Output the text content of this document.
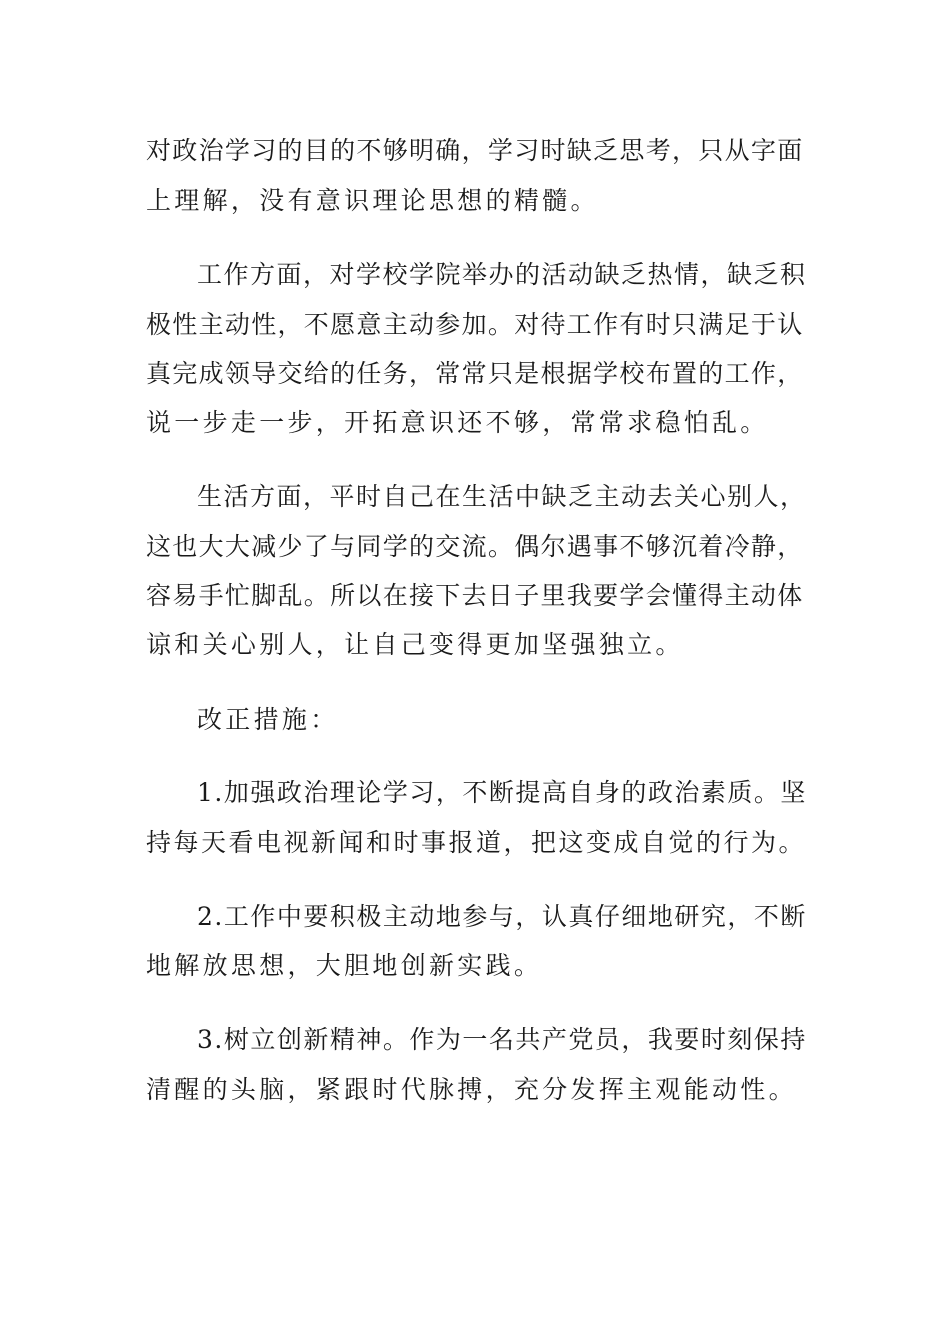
对政治学习的目的不够明确，学习时缺乏思考，只从字面

上理解，没有意识理论思想的精髓。

工作方面，对学校学院举办的活动缺乏热情，缺乏积

极性主动性，不愿意主动参加。对待工作有时只满足于认

真完成领导交给的任务，常常只是根据学校布置的工作，

说一步走一步，开拓意识还不够，常常求稳怕乱。

生活方面，平时自己在生活中缺乏主动去关心别人，

这也大大减少了与同学的交流。偶尔遇事不够沉着冷静，

容易手忙脚乱。所以在接下去日子里我要学会懂得主动体

谅和关心别人，让自己变得更加坚强独立。

改正措施：

1.加强政治理论学习，不断提高自身的政治素质。坚

持每天看电视新闻和时事报道，把这变成自觉的行为。

2.工作中要积极主动地参与，认真仔细地研究，不断

地解放思想，大胆地创新实践。

3.树立创新精神。作为一名共产党员，我要时刻保持

清醒的头脑，紧跟时代脉搏，充分发挥主观能动性。
